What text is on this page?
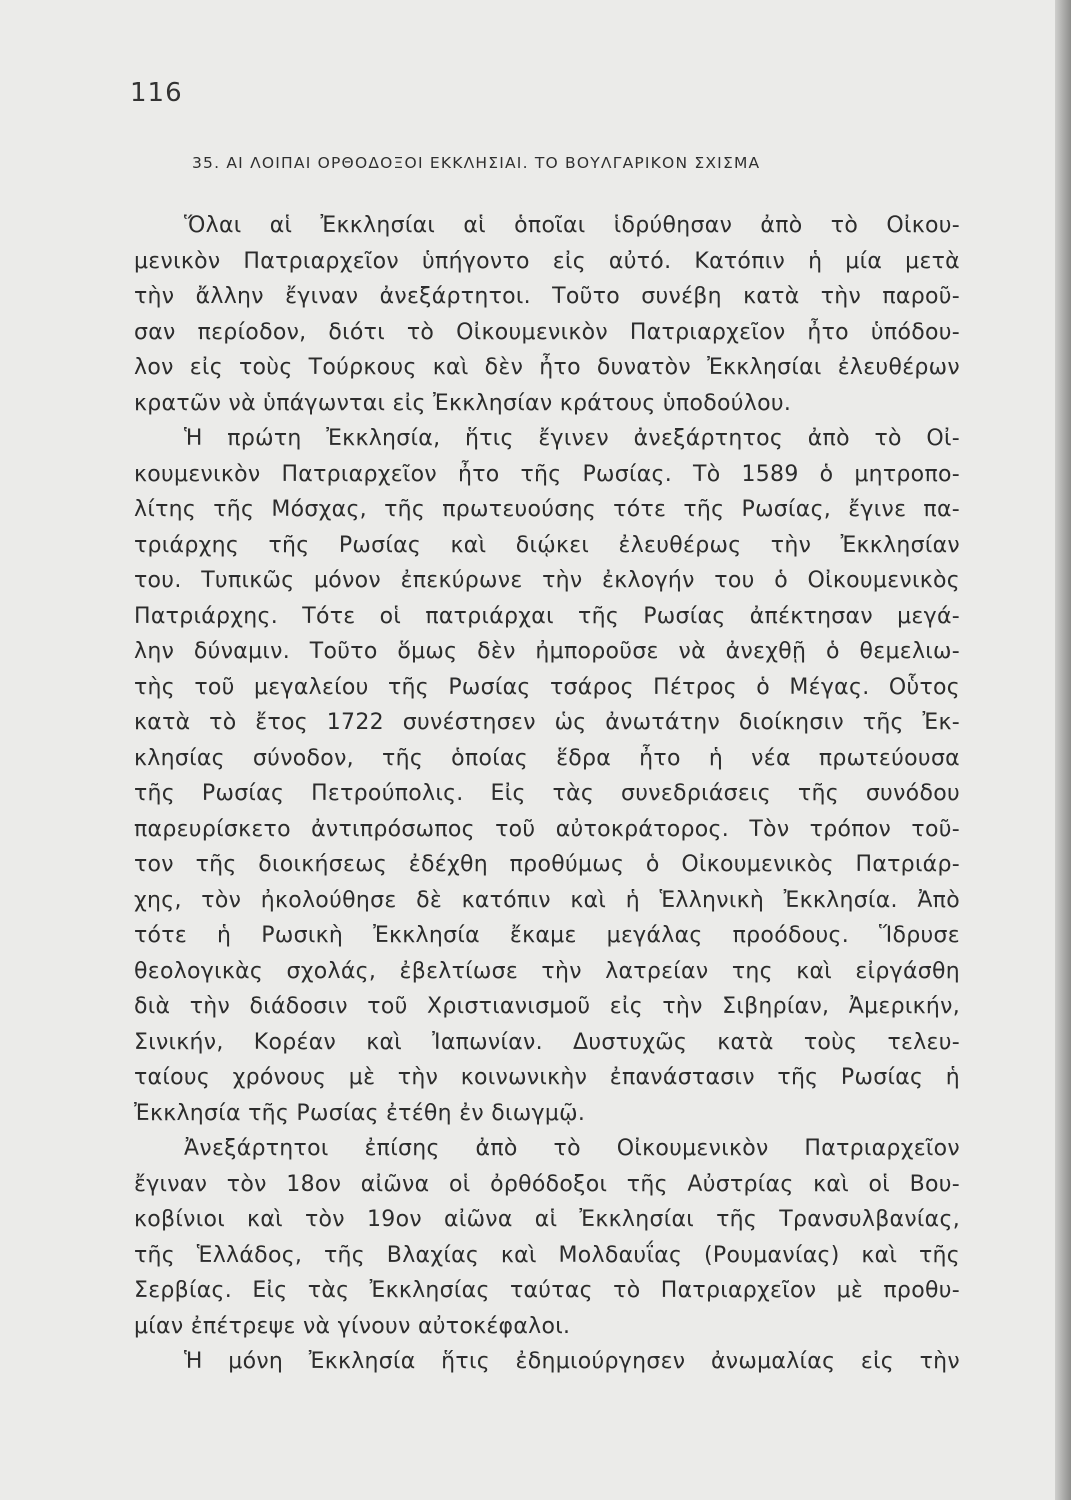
116
35. ΑΙ ΛΟΙΠΑΙ ΟΡΘΟΔΟΞΟΙ ΕΚΚΛΗΣΙΑΙ. ΤΟ ΒΟΥΛΓΑΡΙΚΟΝ ΣΧΙΣΜΑ
Ὅλαι αἱ Ἐκκλησίαι αἱ ὁποῖαι ἱδρύθησαν ἀπὸ τὸ Οἰκου-
μενικὸν Πατριαρχεῖον ὑπήγοντο εἰς αὐτό. Κατόπιν ἡ μία μετὰ
τὴν ἄλλην ἔγιναν ἀνεξάρτητοι. Τοῦτο συνέβη κατὰ τὴν παροῦ-
σαν περίοδον, διότι τὸ Οἰκουμενικὸν Πατριαρχεῖον ἦτο ὑπόδου-
λον εἰς τοὺς Τούρκους καὶ δὲν ἦτο δυνατὸν Ἐκκλησίαι ἐλευθέρων
κρατῶν νὰ ὑπάγωνται εἰς Ἐκκλησίαν κράτους ὑποδούλου.
Ἡ πρώτη Ἐκκλησία, ἥτις ἔγινεν ἀνεξάρτητος ἀπὸ τὸ Οἰ-
κουμενικὸν Πατριαρχεῖον ἦτο τῆς Ρωσίας. Τὸ 1589 ὁ μητροπο-
λίτης τῆς Μόσχας, τῆς πρωτευούσης τότε τῆς Ρωσίας, ἔγινε πα-
τριάρχης τῆς Ρωσίας καὶ διῴκει ἐλευθέρως τὴν Ἐκκλησίαν
του. Τυπικῶς μόνον ἐπεκύρωνε τὴν ἐκλογήν του ὁ Οἰκουμενικὸς
Πατριάρχης. Τότε οἱ πατριάρχαι τῆς Ρωσίας ἀπέκτησαν μεγά-
λην δύναμιν. Τοῦτο ὅμως δὲν ἠμποροῦσε νὰ ἀνεχθῇ ὁ θεμελιω-
τὴς τοῦ μεγαλείου τῆς Ρωσίας τσάρος Πέτρος ὁ Μέγας. Οὗτος
κατὰ τὸ ἔτος 1722 συνέστησεν ὡς ἀνωτάτην διοίκησιν τῆς Ἐκ-
κλησίας σύνοδον, τῆς ὁποίας ἕδρα ἦτο ἡ νέα πρωτεύουσα
τῆς Ρωσίας Πετρούπολις. Εἰς τὰς συνεδριάσεις τῆς συνόδου
παρευρίσκετο ἀντιπρόσωπος τοῦ αὐτοκράτορος. Τὸν τρόπον τοῦ-
τον τῆς διοικήσεως ἐδέχθη προθύμως ὁ Οἰκουμενικὸς Πατριάρ-
χης, τὸν ἠκολούθησε δὲ κατόπιν καὶ ἡ Ἑλληνικὴ Ἐκκλησία. Ἀπὸ
τότε ἡ Ρωσικὴ Ἐκκλησία ἔκαμε μεγάλας προόδους. Ἵδρυσε
θεολογικὰς σχολάς, ἐβελτίωσε τὴν λατρείαν της καὶ εἰργάσθη
διὰ τὴν διάδοσιν τοῦ Χριστιανισμοῦ εἰς τὴν Σιβηρίαν, Ἀμερικήν,
Σινικήν, Κορέαν καὶ Ἰαπωνίαν. Δυστυχῶς κατὰ τοὺς τελευ-
ταίους χρόνους μὲ τὴν κοινωνικὴν ἐπανάστασιν τῆς Ρωσίας ἡ
Ἐκκλησία τῆς Ρωσίας ἐτέθη ἐν διωγμῷ.
Ἀνεξάρτητοι ἐπίσης ἀπὸ τὸ Οἰκουμενικὸν Πατριαρχεῖον
ἔγιναν τὸν 18ον αἰῶνα οἱ ὀρθόδοξοι τῆς Αὐστρίας καὶ οἱ Βου-
κοβίνιοι καὶ τὸν 19ον αἰῶνα αἱ Ἐκκλησίαι τῆς Τρανσυλβανίας,
τῆς Ἑλλάδος, τῆς Βλαχίας καὶ Μολδαυΐας (Ρουμανίας) καὶ τῆς
Σερβίας. Εἰς τὰς Ἐκκλησίας ταύτας τὸ Πατριαρχεῖον μὲ προθυ-
μίαν ἐπέτρεψε νὰ γίνουν αὐτοκέφαλοι.
Ἡ μόνη Ἐκκλησία ἥτις ἐδημιούργησεν ἀνωμαλίας εἰς τὴν
